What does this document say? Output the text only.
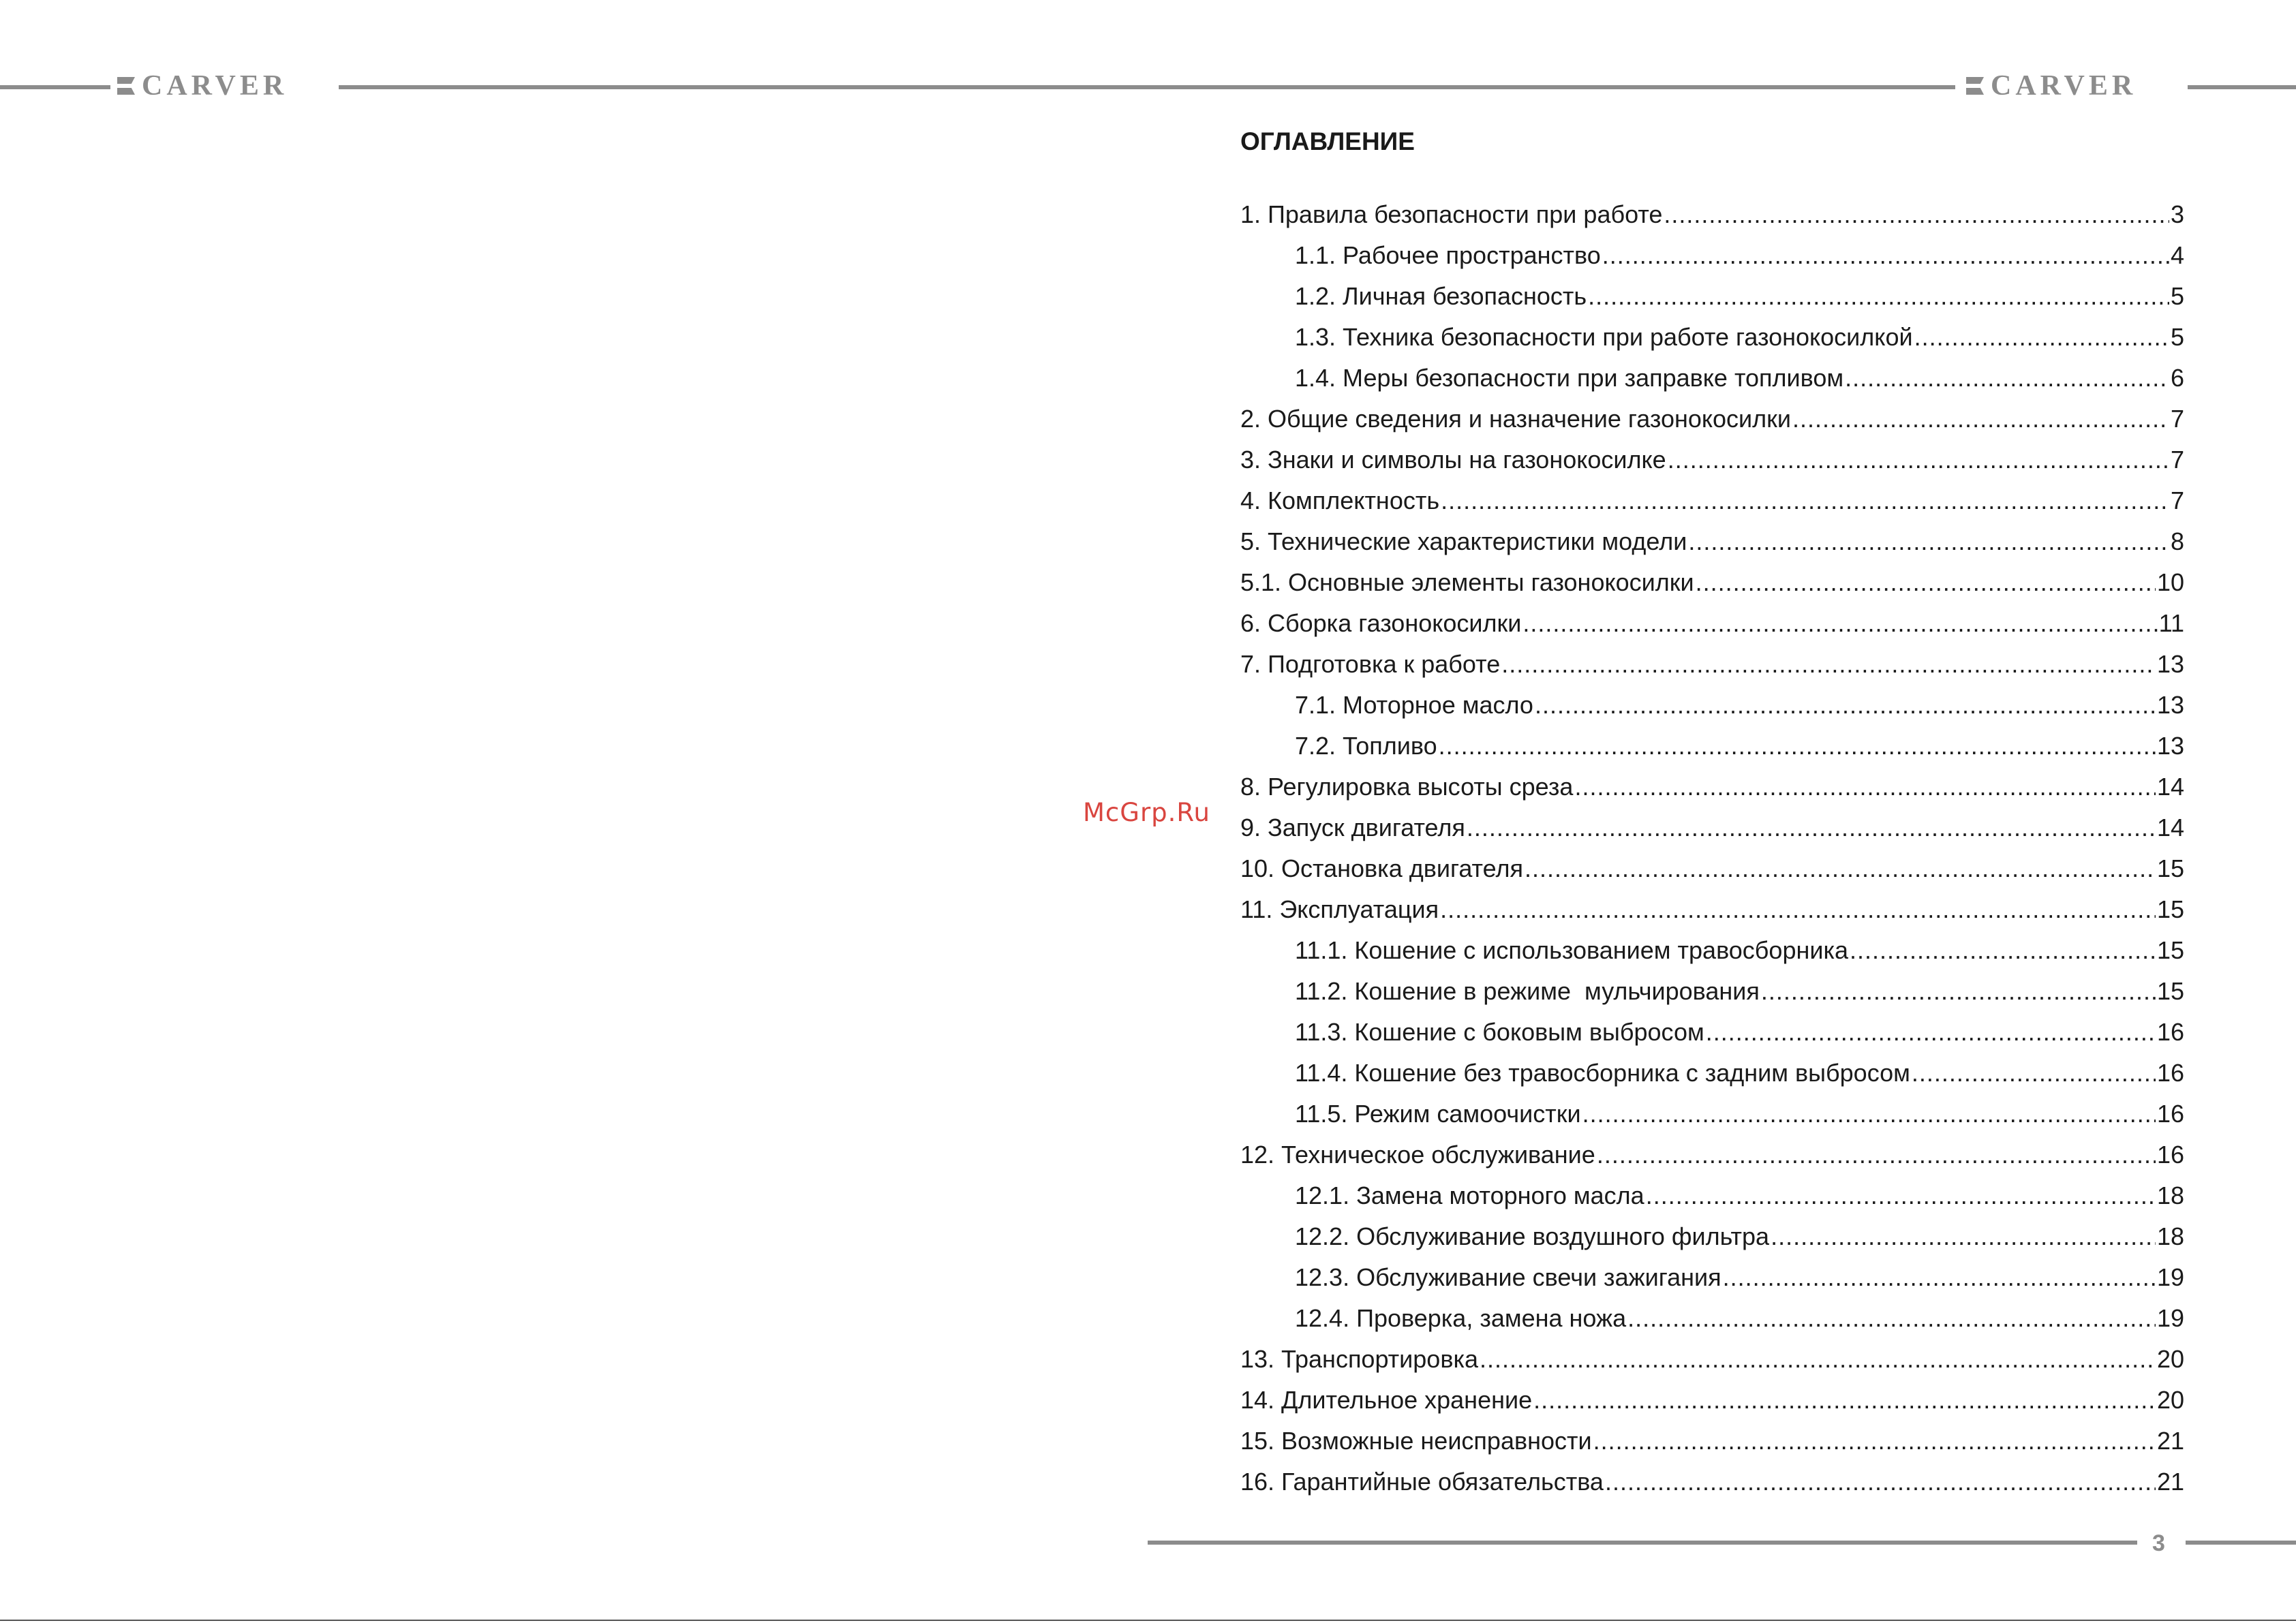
CARVER	CARVER
McGrp.Ru
ОГЛАВЛЕНИЕ
1. Правила безопасности при работе .....	3
1.1. Рабочее пространство .....	4
1.2. Личная безопасность .....	5
1.3. Техника безопасности при работе газонокосилкой .....	5
1.4. Меры безопасности при заправке топливом .....	6
2. Общие сведения и назначение газонокосилки .....	7
3. Знаки и символы на газонокосилке .....	7
4. Комплектность .....	7
5. Технические характеристики модели .....	8
5.1. Основные элементы газонокосилки .....	10
6. Сборка газонокосилки .....	11
7. Подготовка к работе .....	13
7.1. Моторное масло .....	13
7.2. Топливо .....	13
8. Регулировка высоты среза .....	14
9. Запуск двигателя .....	14
10. Остановка двигателя .....	15
11. Эксплуатация .....	15
11.1. Кошение с использованием травосборника .....	15
11.2. Кошение в режиме  мульчирования .....	15
11.3. Кошение с боковым выбросом .....	16
11.4. Кошение без травосборника с задним выбросом .....	16
11.5. Режим самоочистки .....	16
12. Техническое обслуживание .....	16
12.1. Замена моторного масла .....	18
12.2. Обслуживание воздушного фильтра .....	18
12.3. Обслуживание свечи зажигания .....	19
12.4. Проверка, замена ножа .....	19
13. Транспортировка .....	20
14. Длительное хранение .....	20
15. Возможные неисправности .....	21
16. Гарантийные обязательства .....	21
3
